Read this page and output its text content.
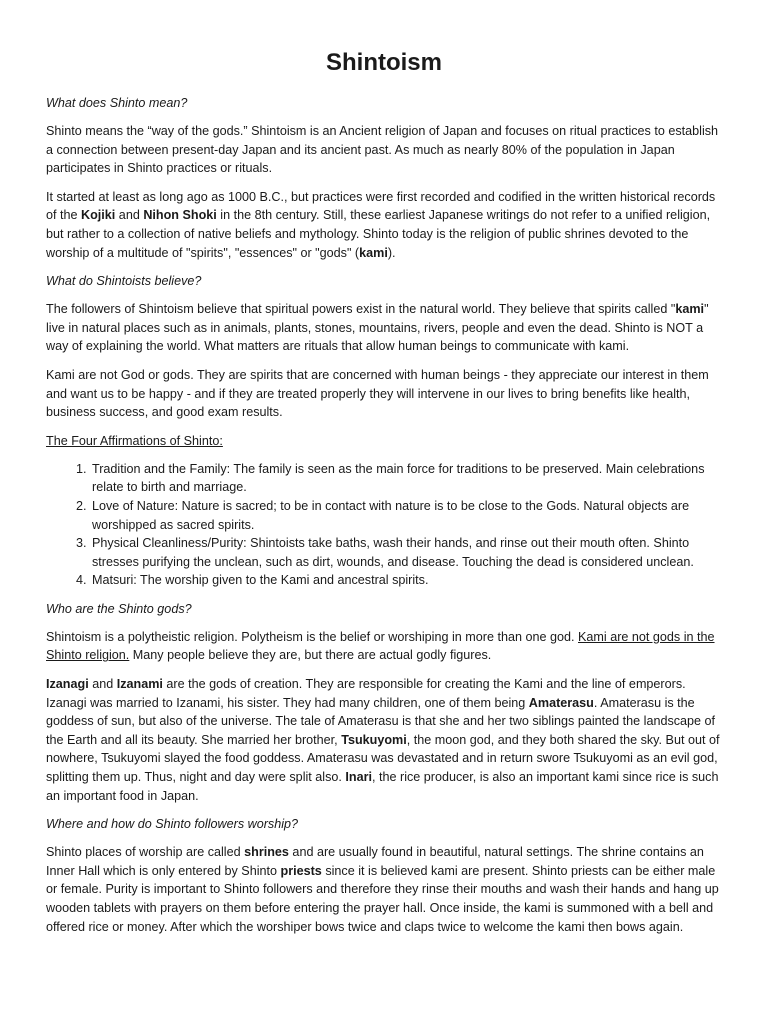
Shintoism
What does Shinto mean?

Shinto means the “way of the gods.” Shintoism is an Ancient religion of Japan and focuses on ritual practices to establish a connection between present-day Japan and its ancient past. As much as nearly 80% of the population in Japan participates in Shinto practices or rituals.

It started at least as long ago as 1000 B.C., but practices were first recorded and codified in the written historical records of the Kojiki and Nihon Shoki in the 8th century. Still, these earliest Japanese writings do not refer to a unified religion, but rather to a collection of native beliefs and mythology. Shinto today is the religion of public shrines devoted to the worship of a multitude of "spirits", "essences" or "gods" (kami).

What do Shintoists believe?

The followers of Shintoism believe that spiritual powers exist in the natural world. They believe that spirits called "kami" live in natural places such as in animals, plants, stones, mountains, rivers, people and even the dead. Shinto is NOT a way of explaining the world. What matters are rituals that allow human beings to communicate with kami.

Kami are not God or gods. They are spirits that are concerned with human beings - they appreciate our interest in them and want us to be happy - and if they are treated properly they will intervene in our lives to bring benefits like health, business success, and good exam results.

The Four Affirmations of Shinto:
1. Tradition and the Family: The family is seen as the main force for traditions to be preserved. Main celebrations relate to birth and marriage.
2. Love of Nature: Nature is sacred; to be in contact with nature is to be close to the Gods. Natural objects are worshipped as sacred spirits.
3. Physical Cleanliness/Purity: Shintoists take baths, wash their hands, and rinse out their mouth often. Shinto stresses purifying the unclean, such as dirt, wounds, and disease. Touching the dead is considered unclean.
4. Matsuri: The worship given to the Kami and ancestral spirits.
Who are the Shinto gods?

Shintoism is a polytheistic religion. Polytheism is the belief or worshiping in more than one god. Kami are not gods in the Shinto religion. Many people believe they are, but there are actual godly figures.

Izanagi and Izanami are the gods of creation. They are responsible for creating the Kami and the line of emperors. Izanagi was married to Izanami, his sister. They had many children, one of them being Amaterasu. Amaterasu is the goddess of sun, but also of the universe. The tale of Amaterasu is that she and her two siblings painted the landscape of the Earth and all its beauty. She married her brother, Tsukuyomi, the moon god, and they both shared the sky. But out of nowhere, Tsukuyomi slayed the food goddess. Amaterasu was devastated and in return swore Tsukuyomi as an evil god, splitting them up. Thus, night and day were split also. Inari, the rice producer, is also an important kami since rice is such an important food in Japan.

Where and how do Shinto followers worship?

Shinto places of worship are called shrines and are usually found in beautiful, natural settings. The shrine contains an Inner Hall which is only entered by Shinto priests since it is believed kami are present. Shinto priests can be either male or female. Purity is important to Shinto followers and therefore they rinse their mouths and wash their hands and hang up wooden tablets with prayers on them before entering the prayer hall. Once inside, the kami is summoned with a bell and offered rice or money. After which the worshiper bows twice and claps twice to welcome the kami then bows again.
